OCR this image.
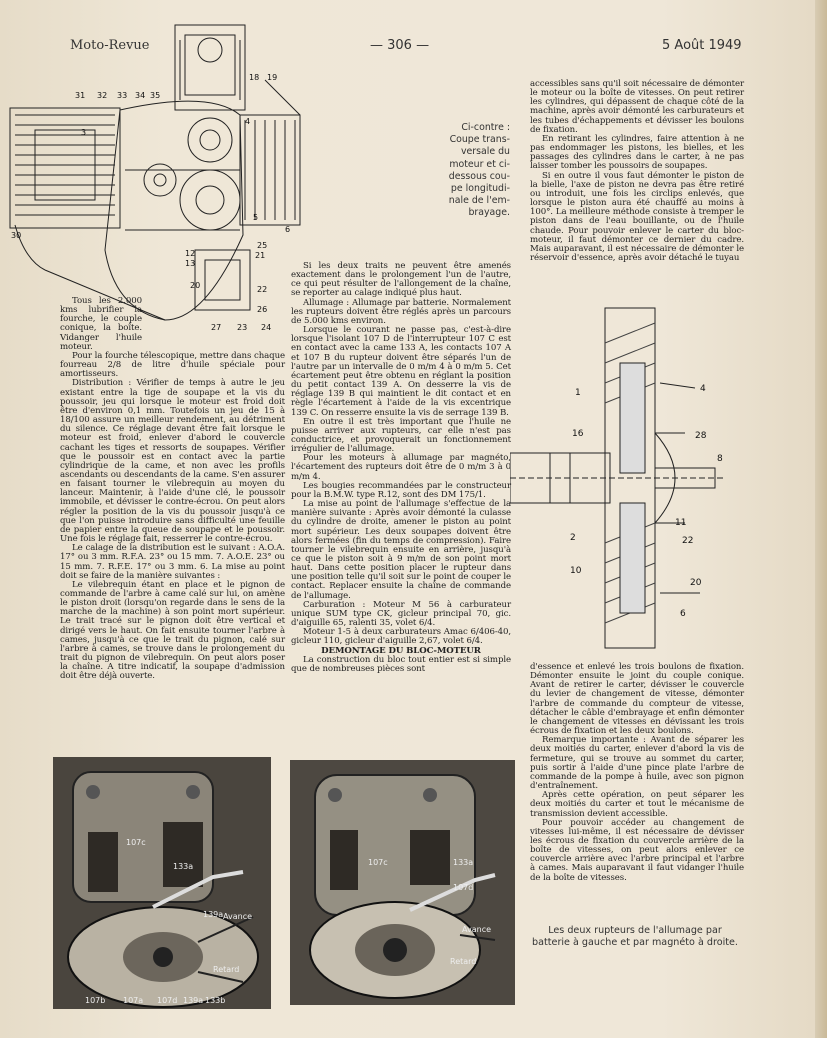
Moto-Revue	— 306 —	5 Août 1949
31 32 33 34 35
18 19
20
21
22
23 24
25
26
27
30
3
4
5
6
12
13
Ci-contre :
Coupe trans-
versale du
moteur et ci-
dessous cou-
pe longitudi-
nale de l'em-
brayage.

Tous les 2.000 kms lubrifier la fourche, le couple conique, la boîte. Vidanger l'huile moteur.

Pour la fourche télescopique, mettre dans chaque fourreau 2/8 de litre d'huile spéciale pour amortisseurs.

Distribution : Vérifier de temps à autre le jeu existant entre la tige de soupape et la vis du poussoir, jeu qui lorsque le moteur est froid doit être d'environ 0,1 mm. Toutefois un jeu de 15 à 18/100 assure un meilleur rendement, au détriment du silence. Ce réglage devant être fait lorsque le moteur est froid, enlever d'abord le couvercle cachant les tiges et ressorts de soupapes. Vérifier que le poussoir est en contact avec la partie cylindrique de la came, et non avec les profils ascendants ou descendants de la came. S'en assurer en faisant tourner le vilebrequin au moyen du lanceur. Maintenir, à l'aide d'une clé, le poussoir immobile, et dévisser le contre-écrou. On peut alors régler la position de la vis du poussoir jusqu'à ce que l'on puisse introduire sans difficulté une feuille de papier entre la queue de soupape et le poussoir. Une fois le réglage fait, resserrer le contre-écrou.

Le calage de la distribution est le suivant : A.O.A. 17° ou 3 mm. R.F.A. 23° ou 15 mm. 7. A.O.E. 23° ou 15 mm. 7. R.F.E. 17° ou 3 mm. 6. La mise au point doit se faire de la manière suivantes :

Le vilebrequin étant en place et le pignon de commande de l'arbre à came calé sur lui, on amène le piston droit (lorsqu'on regarde dans le sens de la marche de la machine) à son point mort supérieur. Le trait tracé sur le pignon doit être vertical et dirigé vers le haut. On fait ensuite tourner l'arbre à cames, jusqu'à ce que le trait du pignon, calé sur l'arbre à cames, se trouve dans le prolongement du trait du pignon de vilebrequin. On peut alors poser la chaîne. A titre indicatif, la soupape d'admission doit être déjà ouverte.

Si les deux traits ne peuvent être amenés exactement dans le prolongement l'un de l'autre, ce qui peut résulter de l'allongement de la chaîne, se reporter au calage indiqué plus haut.

Allumage : Allumage par batterie. Normalement les rupteurs doivent être réglés après un parcours de 5.000 kms environ.

Lorsque le courant ne passe pas, c'est-à-dire lorsque l'isolant 107 D de l'interrupteur 107 C est en contact avec la came 133 A, les contacts 107 A et 107 B du rupteur doivent être séparés l'un de l'autre par un intervalle de 0 m/m 4 à 0 m/m 5. Cet écartement peut être obtenu en réglant la position du petit contact 139 A. On desserre la vis de réglage 139 B qui maintient le dit contact et en règle l'écartement à l'aide de la vis excentrique 139 C. On resserre ensuite la vis de serrage 139 B.

En outre il est très important que l'huile ne puisse arriver aux rupteurs, car elle n'est pas conductrice, et provoquerait un fonctionnement irrégulier de l'allumage.

Pour les moteurs à allumage par magnéto, l'écartement des rupteurs doit être de 0 m/m 3 à 0 m/m 4.

Les bougies recommandées par le constructeur pour la B.M.W. type R.12, sont des DM 175/1.

La mise au point de l'allumage s'effectue de la manière suivante : Après avoir démonté la culasse du cylindre de droite, amener le piston au point mort supérieur. Les deux soupapes doivent être alors fermées (fin du temps de compression). Faire tourner le vilebrequin ensuite en arrière, jusqu'à ce que le piston soit à 9 m/m de son point mort haut. Dans cette position placer le rupteur dans une position telle qu'il soit sur le point de couper le contact. Replacer ensuite la chaîne de commande de l'allumage.

Carburation : Moteur M 56 à carburateur unique SUM type CK, gicleur principal 70, gic. d'aiguille 65, ralenti 35, volet 6/4.

Moteur 1-5 à deux carburateurs Amac 6/406-40, gicleur 110, gicleur d'aiguille 2,67, volet 6/4.

DEMONTAGE DU BLOC-MOTEUR

La construction du bloc tout entier est si simple que de nombreuses pièces sont

accessibles sans qu'il soit nécessaire de démonter le moteur ou la boîte de vitesses. On peut retirer les cylindres, qui dépassent de chaque côté de la machine, après avoir démonté les carburateurs et les tubes d'échappements et dévisser les boulons de fixation.

En retirant les cylindres, faire attention à ne pas endommager les pistons, les bielles, et les passages des cylindres dans le carter, à ne pas laisser tomber les poussoirs de soupapes.

Si en outre il vous faut démonter le piston de la bielle, l'axe de piston ne devra pas être retiré ou introduit, une fois les circlips enlevés, que lorsque le piston aura été chauffé au moins à 100°. La meilleure méthode consiste à tremper le piston dans de l'eau bouillante, ou de l'huile chaude. Pour pouvoir enlever le carter du bloc-moteur, il faut démonter ce dernier du cadre. Mais auparavant, il est nécessaire de démonter le réservoir d'essence, après avoir détaché le tuyau

1
2
4
6
8
11
16
20
22
28
10

d'essence et enlevé les trois boulons de fixation. Démonter ensuite le joint du couple conique. Avant de retirer le carter, dévisser le couvercle du levier de changement de vitesse, démonter l'arbre de commande du compteur de vitesse, détacher le câble d'embrayage et enfin démonter le changement de vitesses en dévissant les trois écrous de fixation et les deux boulons.

Remarque importante : Avant de séparer les deux moitiés du carter, enlever d'abord la vis de fermeture, qui se trouve au sommet du carter, puis sortir à l'aide d'une pince plate l'arbre de commande de la pompe à huile, avec son pignon d'entraînement.

Après cette opération, on peut séparer les deux moitiés du carter et tout le mécanisme de transmission devient accessible.

Pour pouvoir accéder au changement de vitesses lui-même, il est nécessaire de dévisser les écrous de fixation du couvercle arrière de la boîte de vitesses, on peut alors enlever ce couvercle arrière avec l'arbre principal et l'arbre à cames. Mais auparavant il faut vidanger l'huile de la boîte de vitesses.

107c
133a
139a Avance
Retard
107b 107a 107d 139a 133b
107c	133a
107d
Avance
Retard
Les deux rupteurs de l'allumage par batterie à gauche et par magnéto à droite.
